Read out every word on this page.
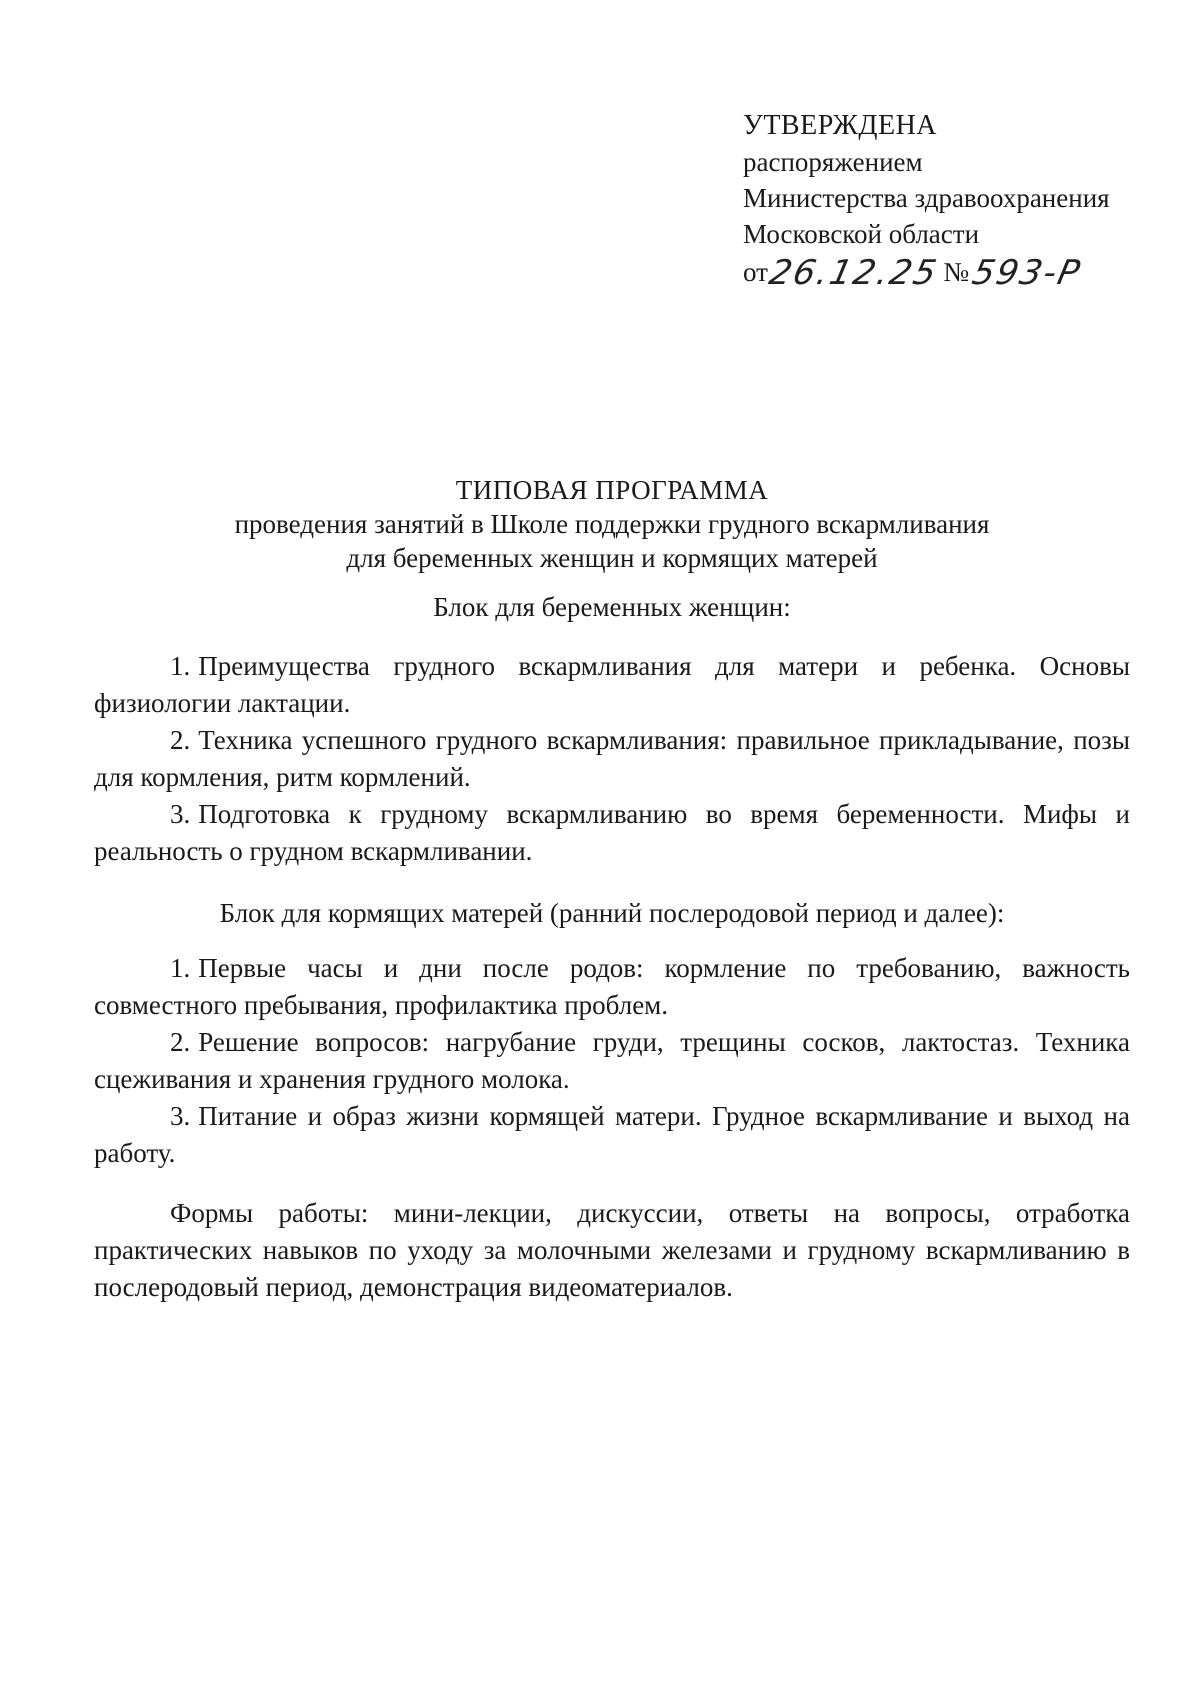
УТВЕРЖДЕНА
распоряжением
Министерства здравоохранения
Московской области
от26.12.25№593-Р
ТИПОВАЯ ПРОГРАММА
проведения занятий в Школе поддержки грудного вскармливания
для беременных женщин и кормящих матерей
Блок для беременных женщин:
1. Преимущества грудного вскармливания для матери и ребенка. Основы физиологии лактации.
2. Техника успешного грудного вскармливания: правильное прикладывание, позы для кормления, ритм кормлений.
3. Подготовка к грудному вскармливанию во время беременности. Мифы и реальность о грудном вскармливании.
Блок для кормящих матерей (ранний послеродовой период и далее):
1. Первые часы и дни после родов: кормление по требованию, важность совместного пребывания, профилактика проблем.
2. Решение вопросов: нагрубание груди, трещины сосков, лактостаз. Техника сцеживания и хранения грудного молока.
3. Питание и образ жизни кормящей матери. Грудное вскармливание и выход на работу.

Формы работы: мини-лекции, дискуссии, ответы на вопросы, отработка практических навыков по уходу за молочными железами и грудному вскармливанию в послеродовый период, демонстрация видеоматериалов.
